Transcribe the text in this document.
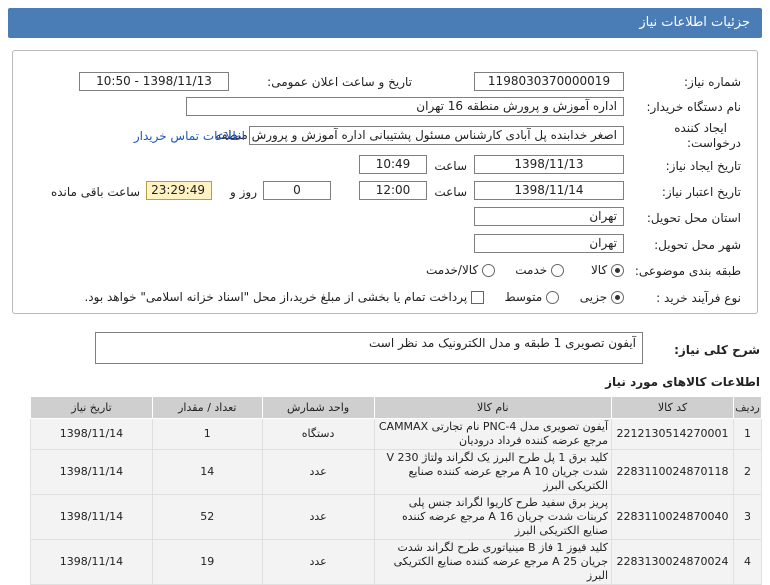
جزئیات اطلاعات نیاز
شماره نیاز:
1198030370000019
تاریخ و ساعت اعلان عمومی:
1398/11/13 - 10:50
نام دستگاه خریدار:
اداره آموزش و پرورش منطقه 16 تهران
ایجاد کننده
درخواست:
اصغر خدابنده پل آبادی کارشناس مسئول پشتیبانی اداره آموزش و پرورش منطقه
اطلاعات تماس خریدار
تاریخ ایجاد نیاز:
1398/11/13
ساعت
10:49
تاریخ اعتبار نیاز:
1398/11/14
ساعت
12:00
0
روز و
23:29:49
ساعت باقی مانده
استان محل تحویل:
تهران
شهر محل تحویل:
تهران
طبقه بندی موضوعی:
کالا
خدمت
کالا/خدمت
نوع فرآیند خرید :
جزیی
متوسط
پرداخت تمام یا بخشی از مبلغ خرید،از محل "اسناد خزانه اسلامی" خواهد بود.
شرح کلی نیاز:
آیفون تصویری 1 طبقه و مدل الکترونیک مد نظر است
اطلاعات کالاهای مورد نیاز
ردیف	کد کالا	نام کالا	واحد شمارش	تعداد / مقدار	تاریخ نیاز
1	2212130514270001	آیفون تصویری مدل PNC-4 نام تجارتی CAMMAX مرجع عرضه کننده فرداد درودیان	دستگاه	1	1398/11/14
2	2283110024870118	کلید برق 1 پل طرح البرز یک لگراند ولتاژ 230 V شدت جریان 10 A مرجع عرضه کننده صنایع الکتریکی البرز	عدد	14	1398/11/14
3	2283110024870040	پریز برق سفید طرح کاریوا لگراند جنس پلی کربنات شدت جریان 16 A مرجع عرضه کننده صنایع الکتریکی البرز	عدد	52	1398/11/14
4	2283130024870024	کلید فیوز 1 فاز B مینیاتوری طرح لگراند شدت جریان 25 A مرجع عرضه کننده صنایع الکتریکی البرز	عدد	19	1398/11/14
